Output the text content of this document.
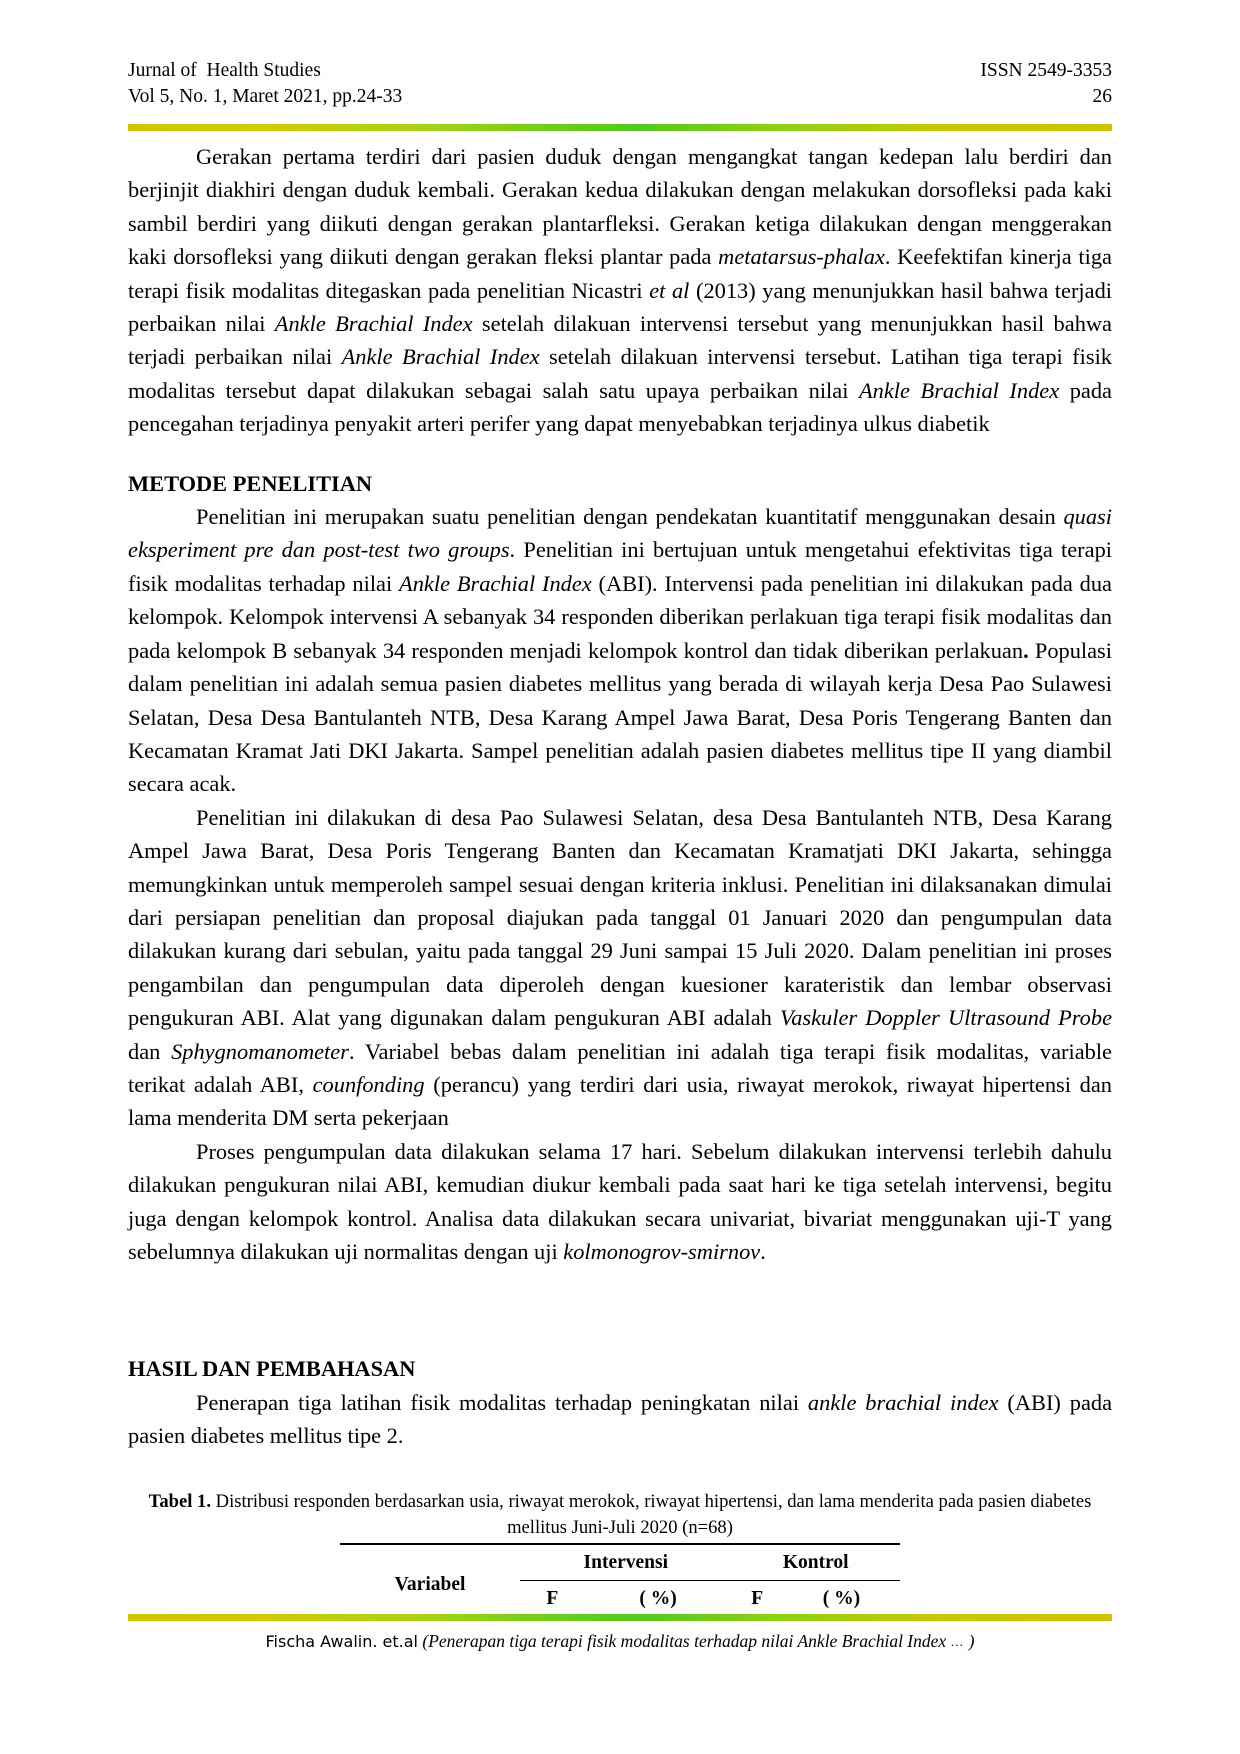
Jurnal of  Health Studies	ISSN 2549-3353
Vol 5, No. 1, Maret 2021, pp.24-33	26

Gerakan pertama terdiri dari pasien duduk dengan mengangkat tangan kedepan lalu berdiri dan berjinjit diakhiri dengan duduk kembali. Gerakan kedua dilakukan dengan melakukan dorsofleksi pada kaki sambil berdiri yang diikuti dengan gerakan plantarfleksi. Gerakan ketiga dilakukan dengan menggerakan kaki dorsofleksi yang diikuti dengan gerakan fleksi plantar pada metatarsus-phalax. Keefektifan kinerja tiga terapi fisik modalitas ditegaskan pada penelitian Nicastri et al (2013) yang menunjukkan hasil bahwa terjadi perbaikan nilai Ankle Brachial Index setelah dilakuan intervensi tersebut yang menunjukkan hasil bahwa terjadi perbaikan nilai Ankle Brachial Index setelah dilakuan intervensi tersebut. Latihan tiga terapi fisik modalitas tersebut dapat dilakukan sebagai salah satu upaya perbaikan nilai Ankle Brachial Index pada pencegahan terjadinya penyakit arteri perifer yang dapat menyebabkan terjadinya ulkus diabetik

METODE PENELITIAN

Penelitian ini merupakan suatu penelitian dengan pendekatan kuantitatif menggunakan desain quasi eksperiment pre dan post-test two groups. Penelitian ini bertujuan untuk mengetahui efektivitas tiga terapi fisik modalitas terhadap nilai Ankle Brachial Index (ABI). Intervensi pada penelitian ini dilakukan pada dua kelompok. Kelompok intervensi A sebanyak 34 responden diberikan perlakuan tiga terapi fisik modalitas dan pada kelompok B sebanyak 34 responden menjadi kelompok kontrol dan tidak diberikan perlakuan. Populasi dalam penelitian ini adalah semua pasien diabetes mellitus yang berada di wilayah kerja Desa Pao Sulawesi Selatan, Desa Desa Bantulanteh NTB, Desa Karang Ampel Jawa Barat, Desa Poris Tengerang Banten dan Kecamatan Kramat Jati DKI Jakarta. Sampel penelitian adalah pasien diabetes mellitus tipe II yang diambil secara acak.

Penelitian ini dilakukan di desa Pao Sulawesi Selatan, desa Desa Bantulanteh NTB, Desa Karang Ampel Jawa Barat, Desa Poris Tengerang Banten dan Kecamatan Kramatjati DKI Jakarta, sehingga memungkinkan untuk memperoleh sampel sesuai dengan kriteria inklusi. Penelitian ini dilaksanakan dimulai dari persiapan penelitian dan proposal diajukan pada tanggal 01 Januari 2020 dan pengumpulan data dilakukan kurang dari sebulan, yaitu pada tanggal 29 Juni sampai 15 Juli 2020. Dalam penelitian ini proses pengambilan dan pengumpulan data diperoleh dengan kuesioner karateristik dan lembar observasi pengukuran ABI. Alat yang digunakan dalam pengukuran ABI adalah Vaskuler Doppler Ultrasound Probe dan Sphygnomanometer. Variabel bebas dalam penelitian ini adalah tiga terapi fisik modalitas, variable terikat adalah ABI, counfonding (perancu) yang terdiri dari usia, riwayat merokok, riwayat hipertensi dan lama menderita DM serta pekerjaan

Proses pengumpulan data dilakukan selama 17 hari. Sebelum dilakukan intervensi terlebih dahulu dilakukan pengukuran nilai ABI, kemudian diukur kembali pada saat hari ke tiga setelah intervensi, begitu juga dengan kelompok kontrol. Analisa data dilakukan secara univariat, bivariat menggunakan uji-T yang sebelumnya dilakukan uji normalitas dengan uji kolmonogrov-smirnov.

HASIL DAN PEMBAHASAN

Penerapan tiga latihan fisik modalitas terhadap peningkatan nilai ankle brachial index (ABI) pada pasien diabetes mellitus tipe 2.

Tabel 1. Distribusi responden berdasarkan usia, riwayat merokok, riwayat hipertensi, dan lama menderita pada pasien diabetes mellitus Juni-Juli 2020 (n=68)

Variabel	Intervensi		Kontrol	
	F	( %)	F	( %)
Fischa Awalin. et.al (Penerapan tiga terapi fisik modalitas terhadap nilai Ankle Brachial Index … )
